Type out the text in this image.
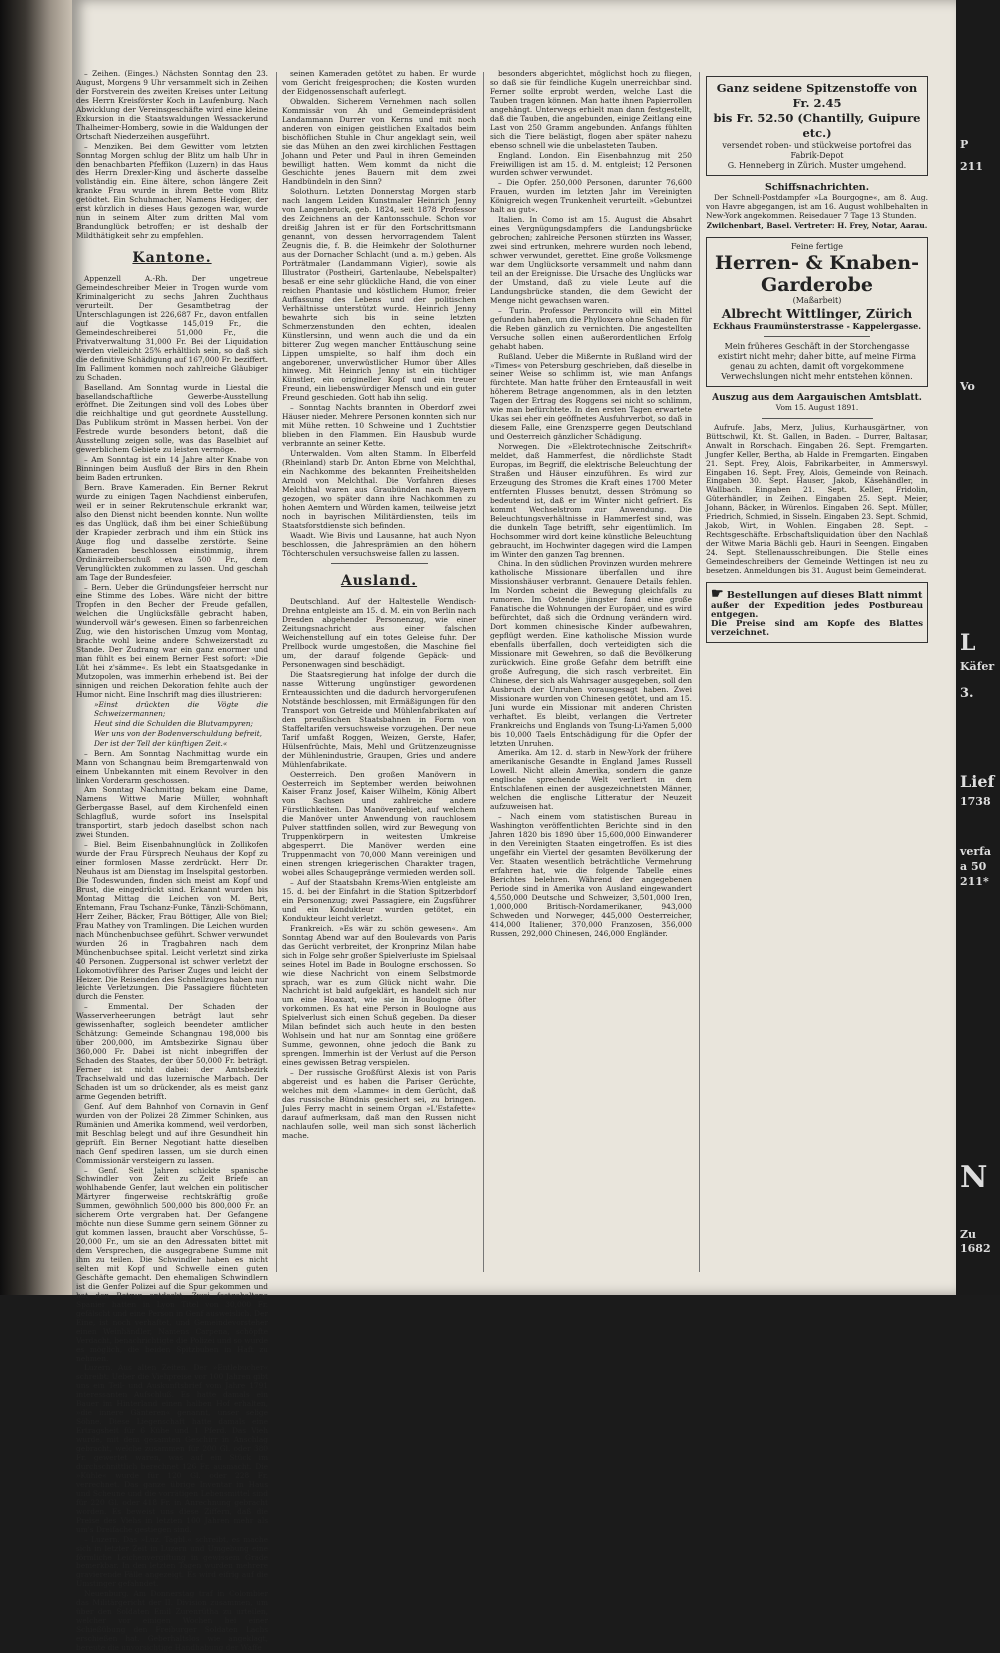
– Zeihen. (Einges.) Nächsten Sonntag den 23. August, Morgens 9 Uhr versammelt sich in Zeihen der Forstverein des zweiten Kreises unter Leitung des Herrn Kreisförster Koch in Laufenburg. Nach Abwicklung der Vereinsgeschäfte wird eine kleine Exkursion in die Staatswaldungen Wessackerund Thalheimer-Homberg, sowie in die Waldungen der Ortschaft Niederzeihen ausgeführt.

– Menziken. Bei dem Gewitter vom letzten Sonntag Morgen schlug der Blitz um halb Uhr in den benachbarten Pfeffikon (Luzern) in das Haus des Herrn Drexler-King und äscherte dasselbe vollständig ein. Eine ältere, schon längere Zeit kranke Frau wurde in ihrem Bette vom Blitz getödtet. Ein Schuhmacher, Namens Hediger, der erst kürzlich in dieses Haus gezogen war, wurde nun in seinem Alter zum dritten Mal vom Brandunglück betroffen; er ist deshalb der Mildthätigkeit sehr zu empfehlen.

Kantone.

Appenzell A.-Rh. Der ungetreue Gemeindeschreiber Meier in Trogen wurde vom Kriminalgericht zu sechs Jahren Zuchthaus verurteilt. Der Gesamtbetrag der Unterschlagungen ist 226,687 Fr., davon entfallen auf die Vogtkasse 145,019 Fr., die Gemeindeschreiberei 51,000 Fr., die Privatverwaltung 31,000 Fr. Bei der Liquidation werden vielleicht 25% erhältlich sein, so daß sich die definitive Schädigung auf 167,000 Fr. beziffert. Im Falliment kommen noch zahlreiche Gläubiger zu Schaden.

Baselland. Am Sonntag wurde in Liestal die basellandschaftliche Gewerbe-Ausstellung eröffnet. Die Zeitungen sind voll des Lobes über die reichhaltige und gut geordnete Ausstellung. Das Publikum strömt in Massen herbei. Von der Festrede wurde besonders betont, daß die Ausstellung zeigen solle, was das Baselbiet auf gewerblichem Gebiete zu leisten vermöge.

– Am Sonntag ist ein 14 Jahre alter Knabe von Binningen beim Ausfluß der Birs in den Rhein beim Baden ertrunken.

Bern. Brave Kameraden. Ein Berner Rekrut wurde zu einigen Tagen Nachdienst einberufen, weil er in seiner Rekrutenschule erkrankt war, also den Dienst nicht beenden konnte. Nun wollte es das Unglück, daß ihm bei einer Schießübung der Krapieder zerbrach und ihm ein Stück ins Auge flog und dasselbe zerstörte. Seine Kameraden beschlossen einstimmig, ihrem Ordinärreiberschuß etwa 500 Fr., dem Verunglückten zukommen zu lassen. Und geschah am Tage der Bundesfeier.

– Bern. Ueber die Gründungsfeier herrscht nur eine Stimme des Lobes. Wäre nicht der bittre Tropfen in den Becher der Freude gefallen, welchen die Unglücksfälle gebracht haben, wundervoll wär's gewesen. Einen so farbenreichen Zug, wie den historischen Umzug vom Montag, brachte wohl keine andere Schweizerstadt zu Stande. Der Zudrang war ein ganz enormer und man fühlt es bei einem Berner Fest sofort: »Die Lüt hei z'sämme«. Es lebt ein Staatsgedanke in Mutzopolen, was immerhin erhebend ist. Bei der sinnigen und reichen Dekoration fehlte auch der Humor nicht. Eine Inschrift mag dies illustrieren:

»Einst drückten die Vögte die Schweizermannen;

Heut sind die Schulden die Blutvampyren;

Wer uns von der Bodenverschuldung befreit,

Der ist der Tell der künftigen Zeit.«

– Bern. Am Sonntag Nachmittag wurde ein Mann von Schangnau beim Bremgartenwald von einem Unbekannten mit einem Revolver in den linken Vorderarm geschossen.

Am Sonntag Nachmittag bekam eine Dame, Namens Wittwe Marie Müller, wohnhaft Gerbergasse Basel, auf dem Kirchenfeld einen Schlagfluß, wurde sofort ins Inselspital transportirt, starb jedoch daselbst schon nach zwei Stunden.

– Biel. Beim Eisenbahnunglück in Zollikofen wurde der Frau Fürsprech Neuhaus der Kopf zu einer formlosen Masse zerdrückt. Herr Dr. Neuhaus ist am Dienstag im Inselspital gestorben. Die Todeswunden, finden sich meist am Kopf und Brust, die eingedrückt sind. Erkannt wurden bis Montag Mittag die Leichen von M. Bert, Entemann, Frau Tschanz-Funke, Tänzli-Schömann, Herr Zeiher, Bäcker, Frau Böttiger, Alle von Biel; Frau Mathey von Tramlingen. Die Leichen wurden nach Münchenbuchsee geführt. Schwer verwundet wurden 26 in Tragbahren nach dem Münchenbuchsee spital. Leicht verletzt sind zirka 40 Personen. Zugpersonal ist schwer verletzt der Lokomotivführer des Pariser Zuges und leicht der Heizer. Die Reisenden des Schnellzuges haben nur leichte Verletzungen. Die Passagiere flüchteten durch die Fenster.

– Emmental. Der Schaden der Wasserverheerungen beträgt laut sehr gewissenhafter, sogleich beendeter amtlicher Schätzung: Gemeinde Schangnau 198,000 bis über 200,000, im Amtsbezirke Signau über 360,000 Fr. Dabei ist nicht inbegriffen der Schaden des Staates, der über 50,000 Fr. beträgt. Ferner ist nicht dabei: der Amtsbezirk Trachselwald und das luzernische Marbach. Der Schaden ist um so drückender, als es meist ganz arme Gegenden betrifft.

Genf. Auf dem Bahnhof von Cornavin in Genf wurden von der Polizei 28 Zimmer Schinken, aus Rumänien und Amerika kommend, weil verdorben, mit Beschlag belegt und auf ihre Gesundheit hin geprüft. Ein Berner Negotiant hatte dieselben nach Genf spediren lassen, um sie durch einen Commissionär versteigern zu lassen.

– Genf. Seit Jahren schickte spanische Schwindler von Zeit zu Zeit Briefe an wohlhabende Genfer, laut welchen ein politischer Märtyrer fingerweise rechtskräftig große Summen, gewöhnlich 500,000 bis 800,000 Fr. an sicherem Orte vergraben hat. Der Gefangene möchte nun diese Summe gern seinem Gönner zu gut kommen lassen, braucht aber Vorschüsse, 5–20,000 Fr., um sie an den Adressaten bittet mit dem Versprechen, die ausgegrabene Summe mit ihm zu teilen. Die Schwindler haben es nicht selten mit Kopf und Schwelle einen guten Geschäfte gemacht. Den ehemaligen Schwindlern ist die Genfer Polizei auf die Spur gekommen und hat den Betrug entdeckt. Zwei festgehaltene Spanier hatten in Lyon Titel von 30,000 Fr. gefälscht und eine Person in Genf ausweislich. Der Eine, ist noch verhaftet, und Gemeindevorsteher einen Weinhändler, Namens Carpena, schöpfte Verdacht, benachrichtigte die Polizei und so wurde es möglich, die beiden Spitzbuben in Haft zu nehmen.

Luzern. Aus alten Zeiten. Der »Entlebucher« schreibt: Ueber die Viehpreise vor 100 Jahren gibt uns ein Teil- und Auskunftsbrief vom Jahre 1791 interessanten Aufschluß. Es hatte damals ein Bauer im Hinterland einen halben Hof erhalten, »die innere Gänteren« genannt, unser selige Söhne. Diese Liegenschaft hatte damals eine Ertragsheit für 6 Kühe und 1 Pferd. Das Vieh wurde, mit dem gesamten Geschirr in Anschlag gebracht, welche zusammen für 200 Gl. oder 380 Fr. gewertet waren, was auf ein Stück im durchschnittlich berechnet 126 Fr. ausmacht. Die »Kühle« wurde für 120 Gl. oder 228 Fr. verrechnet. Das ganze übrige Inventar in Haus und Scheune und die vorrätigen Lebensmittel sind für 220 Gl. oder 418 Fr. in Anrechnung gebracht worden. Es beweist uns diese Ziffern, daß die Preise des Viehs in letzten 100 Jahren mehr als um's Dreifache gestiegen sind.

– Luzern. Das »Luz. Tagbl.« schreibt, es mache sich in letzter Zeit in Luzern und Umgebung eine förmliche Leichenvergiftung in gewissem Grade bemerkbar. In den letzten Tagen wurden mehrere gravierende Fälle angezeigt. Es wird eifrig auf die Umstinger gefahndet.

Neuenburg. Am Donnerstag traf in Colombier das Militärgericht der II. Division zusammen, um über den Soldaten Emil Zurenrütha zu urteilen, welcher vor einigen Wochen bei einer Schießübung den Freiburger Soldaten Lachs erschießen hat. Geberhaltslos wie angeklagt, bereute die unvorsichtige Handhabung der Waffe

seinen Kameraden getötet zu haben. Er wurde vom Gericht freigesprochen; die Kosten wurden der Eidgenossenschaft auferlegt.

Obwalden. Sicherem Vernehmen nach sollen Kommissär von Ah und Gemeindepräsident Landammann Durrer von Kerns und mit noch anderen von einigen geistlichen Exaltados beim bischöflichen Stuhle in Chur angeklagt sein, weil sie das Mühen an den zwei kirchlichen Festtagen Johann und Peter und Paul in ihren Gemeinden bewilligt hatten. Wem kommt da nicht die Geschichte jenes Bauern mit dem zwei Handbündeln in den Sinn?

Solothurn. Letzten Donnerstag Morgen starb nach langem Leiden Kunstmaler Heinrich Jenny von Langenbruck, geb. 1824, seit 1878 Professor des Zeichnens an der Kantonsschule. Schon vor dreißig Jahren ist er für den Fortschrittsmann genannt, von dessen hervorragendem Talent Zeugnis die, f. B. die Heimkehr der Solothurner aus der Dornacher Schlacht (und a. m.) geben. Als Porträtmaler (Landammann Vigier), sowie als Illustrator (Postheiri, Gartenlaube, Nebelspalter) besaß er eine sehr glückliche Hand, die von einer reichen Phantasie und köstlichem Humor, freier Auffassung des Lebens und der politischen Verhältnisse unterstützt wurde. Heinrich Jenny bewahrte sich bis in seine letzten Schmerzenstunden den echten, idealen Künstlersinn, und wenn auch die und da ein bitterer Zug wegen mancher Enttäuschung seine Lippen umspielte, so half ihm doch ein angeborener, unverwüstlicher Humor über Alles hinweg. Mit Heinrich Jenny ist ein tüchtiger Künstler, ein origineller Kopf und ein treuer Freund, ein liebenswürdiger Mensch und ein guter Freund geschieden. Gott hab ihn selig.

– Sonntag Nachts brannten in Oberdorf zwei Häuser nieder. Mehrere Personen konnten sich nur mit Mühe retten. 10 Schweine und 1 Zuchtstier blieben in den Flammen. Ein Hausbub wurde verbrannte an seiner Kette.

Unterwalden. Vom alten Stamm. In Elberfeld (Rheinland) starb Dr. Anton Ebrne von Melchthal, ein Nachkomme des bekannten Freiheitshelden Arnold von Melchthal. Die Vorfahren dieses Melchthal waren aus Graubünden nach Bayern gezogen, wo später dann ihre Nachkommen zu hohen Aemtern und Würden kamen, teilweise jetzt noch in bayrischen Militärdiensten, teils im Staatsforstdienste sich befinden.

Waadt. Wie Bivis und Lausanne, hat auch Nyon beschlossen, die Jahresprämien an den höhern Töchterschulen versuchsweise fallen zu lassen.

Ausland.

Deutschland. Auf der Haltestelle Wendisch-Drehna entgleiste am 15. d. M. ein von Berlin nach Dresden abgehender Personenzug, wie einer Zeitungsnachricht aus einer falschen Weichenstellung auf ein totes Geleise fuhr. Der Prellbock wurde umgestoßen, die Maschine fiel um, der darauf folgende Gepäck- und Personenwagen sind beschädigt.

Die Staatsregierung hat infolge der durch die nasse Witterung ungünstiger gewordenen Ernteaussichten und die dadurch hervorgerufenen Notstände beschlossen, mit Ermäßigungen für den Transport von Getreide und Mühlenfabrikaten auf den preußischen Staatsbahnen in Form von Staffeltarifen versuchsweise vorzugehen. Der neue Tarif umfaßt Roggen, Weizen, Gerste, Hafer, Hülsenfrüchte, Mais, Mehl und Grützenzeugnisse der Mühlenindustrie, Graupen, Gries und andere Mühlenfabrikate.

Oesterreich. Den großen Manövern in Oesterreich im September werden beiwohnen Kaiser Franz Josef, Kaiser Wilhelm, König Albert von Sachsen und zahlreiche andere Fürstlichkeiten. Das Manövergebiet, auf welchem die Manöver unter Anwendung von rauchlosem Pulver stattfinden sollen, wird zur Bewegung von Truppenkörpern in weitesten Umkreise abgesperrt. Die Manöver werden eine Truppenmacht von 70,000 Mann vereinigen und einen strengen kriegerischen Charakter tragen, wobei alles Schaugepränge vermieden werden soll.

– Auf der Staatsbahn Krems-Wien entgleiste am 15. d. bei der Einfahrt in die Station Spitzerbdorf ein Personenzug; zwei Passagiere, ein Zugsführer und ein Kondukteur wurden getötet, ein Kondukteur leicht verletzt.

Frankreich. »Es wär zu schön gewesen«. Am Sonntag Abend war auf den Boulevards von Paris das Gerücht verbreitet, der Kronprinz Milan habe sich in Folge sehr großer Spielverluste im Spielsaal seines Hotel im Bade in Boulogne erschossen. So wie diese Nachricht von einem Selbstmorde sprach, war es zum Glück nicht wahr. Die Nachricht ist bald aufgeklärt, es handelt sich nur um eine Hoaxaxt, wie sie in Boulogne öfter vorkommen. Es hat eine Person in Boulogne aus Spielverlust sich einen Schuß gegeben. Da dieser Milan befindet sich auch heute in den besten Wohlsein und hat nur am Sonntag eine größere Summe, gewonnen, ohne jedoch die Bank zu sprengen. Immerhin ist der Verlust auf die Person eines gewissen Betrag verspielen.

– Der russische Großfürst Alexis ist von Paris abgereist und es haben die Pariser Gerüchte, welches mit dem »Lamme« in dem Gerücht, daß das russische Bündnis gesichert sei, zu bringen. Jules Ferry macht in seinem Organ »L'Estafette« darauf aufmerksam, daß man den Russen nicht nachlaufen solle, weil man sich sonst lächerlich mache.

besonders abgerichtet, möglichst hoch zu fliegen, so daß sie für feindliche Kugeln unerreichbar sind. Ferner sollte erprobt werden, welche Last die Tauben tragen können. Man hatte ihnen Papierrollen angehängt. Unterwegs erhielt man dann festgestellt, daß die Tauben, die angebunden, einige Zeitlang eine Last von 250 Gramm angebunden. Anfangs fühlten sich die Tiere belästigt, flogen aber später nahezu ebenso schnell wie die unbelasteten Tauben.

England. London. Ein Eisenbahnzug mit 250 Freiwilligen ist am 15. d. M. entgleist; 12 Personen wurden schwer verwundet.

– Die Opfer. 250,000 Personen, darunter 76,600 Frauen, wurden im letzten Jahr im Vereinigten Königreich wegen Trunkenheit verurteilt. »Gebuntzei halt au gut«.

Italien. In Como ist am 15. August die Absahrt eines Vergnügungsdampfers die Landungsbrücke gebrochen; zahlreiche Personen stürzten ins Wasser, zwei sind ertrunken, mehrere wurden noch lebend, schwer verwundet, gerettet. Eine große Volksmenge war dem Unglücksorte versammelt und nahm dann teil an der Ereignisse. Die Ursache des Unglücks war der Umstand, daß zu viele Leute auf die Landungsbrücke standen, die dem Gewicht der Menge nicht gewachsen waren.

– Turin. Professor Perroncito will ein Mittel gefunden haben, um die Phylloxera ohne Schaden für die Reben gänzlich zu vernichten. Die angestellten Versuche sollen einen außerordentlichen Erfolg gehabt haben.

Rußland. Ueber die Mißernte in Rußland wird der »Times« von Petersburg geschrieben, daß dieselbe in seiner Weise so schlimm ist, wie man Anfangs fürchtete. Man hatte früher den Ernteausfall in weit höherem Betrage angenommen, als in den letzten Tagen der Ertrag des Roggens sei nicht so schlimm, wie man befürchtete. In den ersten Tagen erwartete Ukas sei eher ein geöffnetes Ausfuhrverbot, so daß in diesem Falle, eine Grenzsperre gegen Deutschland und Oesterreich gänzlicher Schädigung.

Norwegen. Die »Elektrotechnische Zeitschrift« meldet, daß Hammerfest, die nördlichste Stadt Europas, im Begriff, die elektrische Beleuchtung der Straßen und Häuser einzuführen. Es wird zur Erzeugung des Stromes die Kraft eines 1700 Meter entfernten Flusses benutzt, dessen Strömung so bedeutend ist, daß er im Winter nicht gefriert. Es kommt Wechselstrom zur Anwendung. Die Beleuchtungsverhältnisse in Hammerfest sind, was die dunkeln Tage betrifft, sehr eigentümlich. Im Hochsommer wird dort keine künstliche Beleuchtung gebraucht, im Hochwinter dagegen wird die Lampen im Winter den ganzen Tag brennen.

China. In den südlichen Provinzen wurden mehrere katholische Missionare überfallen und ihre Missionshäuser verbrannt. Genauere Details fehlen. Im Norden scheint die Bewegung gleichfalls zu rumoren. Im Ostende jüngster fand eine große Fanatische die Wohnungen der Europäer, und es wird befürchtet, daß sich die Ordnung verändern wird. Dort kommen chinesische Kinder aufbewahren, gepflügt werden. Eine katholische Mission wurde ebenfalls überfallen, doch verteidigten sich die Missionare mit Gewehren, so daß die Bevölkerung zurückwich. Eine große Gefahr dem betrifft eine große Aufregung, die sich rasch verbreitet. Ein Chinese, der sich als Wahrsager ausgegeben, soll den Ausbruch der Unruhen vorausgesagt haben. Zwei Missionare wurden von Chinesen getötet, und am 15. Juni wurde ein Missionar mit anderen Christen verhaftet. Es bleibt, verlangen die Vertreter Frankreichs und Englands von Tsung-Li-Yamen 5,000 bis 10,000 Taels Entschädigung für die Opfer der letzten Unruhen.

Amerika. Am 12. d. starb in New-York der frühere amerikanische Gesandte in England James Russell Lowell. Nicht allein Amerika, sondern die ganze englische sprechende Welt verliert in dem Entschlafenen einen der ausgezeichnetsten Männer, welchen die englische Litteratur der Neuzeit aufzuweisen hat.

– Nach einem vom statistischen Bureau in Washington veröffentlichten Berichte sind in den Jahren 1820 bis 1890 über 15,600,000 Einwanderer in den Vereinigten Staaten eingetroffen. Es ist dies ungefähr ein Viertel der gesamten Bevölkerung der Ver. Staaten wesentlich beträchtliche Vermehrung erfahren hat, wie die folgende Tabelle eines Berichtes belehren. Während der angegebenen Periode sind in Amerika von Ausland eingewandert 4,550,000 Deutsche und Schweizer, 3,501,000 Iren, 1,000,000 Britisch-Nordamerikaner, 943,000 Schweden und Norweger, 445,000 Oesterreicher, 414,000 Italiener, 370,000 Franzosen, 356,000 Russen, 292,000 Chinesen, 246,000 Engländer.

Ganz seidene Spitzenstoffe von Fr. 2.45
bis Fr. 52.50 (Chantilly, Guipure etc.)
versendet roben- und stückweise portofrei das Fabrik-Depot
G. Henneberg in Zürich. Muster umgehend.
Schiffsnachrichten.

Der Schnell-Postdampfer »La Bourgogne«, am 8. Aug. von Havre abgegangen, ist am 16. August wohlbehalten in New-York angekommen. Reisedauer 7 Tage 13 Stunden.

Zwilchenbart, Basel. Vertreter: H. Frey, Notar, Aarau.

Feine fertige
Herren- & Knaben-Garderobe
(Maßarbeit)
Albrecht Wittlinger, Zürich
Eckhaus Fraumünsterstrasse - Kappelergasse.
Mein früheres Geschäft in der Storchengasse existirt nicht mehr; daher bitte, auf meine Firma genau zu achten, damit oft vorgekommene Verwechslungen nicht mehr entstehen können.
Auszug aus dem Aargauischen Amtsblatt.
Vom 15. August 1891.

Aufrufe. Jabs, Merz, Julius, Kurhausgärtner, von Büttschwil, Kt. St. Gallen, in Baden. – Durrer, Baltasar, Anwalt in Rorschach. Eingaben 26. Sept. Fremgarten. Jungfer Keller, Bertha, ab Halde in Fremgarten. Eingaben 21. Sept. Frey, Alois, Fabrikarbeiter, in Ammerswyl. Eingaben 16. Sept. Frey, Alois, Gemeinde von Reinach. Eingaben 30. Sept. Hauser, Jakob, Käsehändler, in Wallbach. Eingaben 21. Sept. Keller, Fridolin, Güterhändler, in Zeihen. Eingaben 25. Sept. Meier, Johann, Bäcker, in Würenlos. Eingaben 26. Sept. Müller, Friedrich, Schmied, in Sisseln. Eingaben 23. Sept. Schmid, Jakob, Wirt, in Wohlen. Eingaben 28. Sept. – Rechtsgeschäfte. Erbschaftsliquidation über den Nachlaß der Witwe Maria Bächli geb. Hauri in Seengen. Eingaben 24. Sept. Stellenausschreibungen. Die Stelle eines Gemeindeschreibers der Gemeinde Wettingen ist neu zu besetzen. Anmeldungen bis 31. August beim Gemeinderat.

☛ Bestellungen auf dieses Blatt nimmt
außer der Expedition jedes Postbureau entgegen.
Die Preise sind am Kopfe des Blattes verzeichnet.
P
211
Vo
L
Käfer
3.
Lief
1738
verfa
a 50
211*
N
Zu
1682
